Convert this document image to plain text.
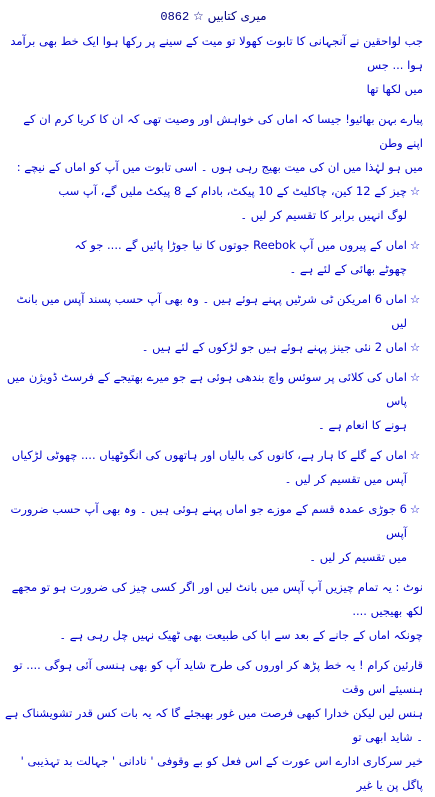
میری کتابیں ☆ 0862

جب لواحقین نے آنجہانی کا تابوت کھولا تو میت کے سینے پر رکھا ہوا ایک خط بھی برآمد ہوا ... جس

میں لکھا تھا

پیارے بہن بھائیو! جیسا کہ اماں کی خواہش اور وصیت تھی کہ ان کا کریا کرم ان کے اپنے وطن

میں ہو لہٰذا میں ان کی میت بھیج رہی ہوں ۔ اسی تابوت میں آپ کو اماں کے نیچے :

☆

چیز کے 12 کین، چاکلیٹ کے 10 پیکٹ، بادام کے 8 پیکٹ ملیں گے، آپ سب

لوگ انہیں برابر کا تقسیم کر لیں ۔

☆

اماں کے پیروں میں آپ Reebok جوتوں کا نیا جوڑا پائیں گے .... جو کہ

چھوٹے بھائی کے لئے ہے ۔

☆

اماں 6 امریکن ٹی شرٹیں پہنے ہوئے ہیں ۔ وہ بھی آپ حسب پسند آپس میں بانٹ لیں

☆

اماں 2 نئی جینز پہنے ہوئے ہیں جو لڑکوں کے لئے ہیں ۔

☆

اماں کی کلائی پر سوئس واچ بندھی ہوئی ہے جو میرے بھتیجے کے فرسٹ ڈویژن میں پاس

ہونے کا انعام ہے ۔

☆

اماں کے گلے کا ہار ہے، کانوں کی بالیاں اور ہاتھوں کی انگوٹھیاں .... چھوٹی لڑکیاں

آپس میں تقسیم کر لیں ۔

☆

6 جوڑی عمدہ قسم کے موزے جو اماں پہنے ہوئی ہیں ۔ وہ بھی آپ حسب ضرورت آپس

میں تقسیم کر لیں ۔

نوٹ : یہ تمام چیزیں آپ آپس میں بانٹ لیں اور اگر کسی چیز کی ضرورت ہو تو مجھے لکھ بھیجیں ....

چونکہ اماں کے جانے کے بعد سے ابا کی طبیعت بھی ٹھیک نہیں چل رہی ہے ۔

قارئین کرام ! یہ خط پڑھ کر اوروں کی طرح شاید آپ کو بھی ہنسی آئی ہوگی .... تو ہنسیئے اس وقت

ہنس لیں لیکن خدارا کبھی فرصت میں غور بھیجئے گا کہ یہ بات کس قدر تشویشناک ہے ۔ شاید ابھی تو

خیر سرکاری ادارے اس عورت کے اس فعل کو بے وقوفی ' نادانی ' جہالت بد تہذیبی ' پاگل پن یا غیر
